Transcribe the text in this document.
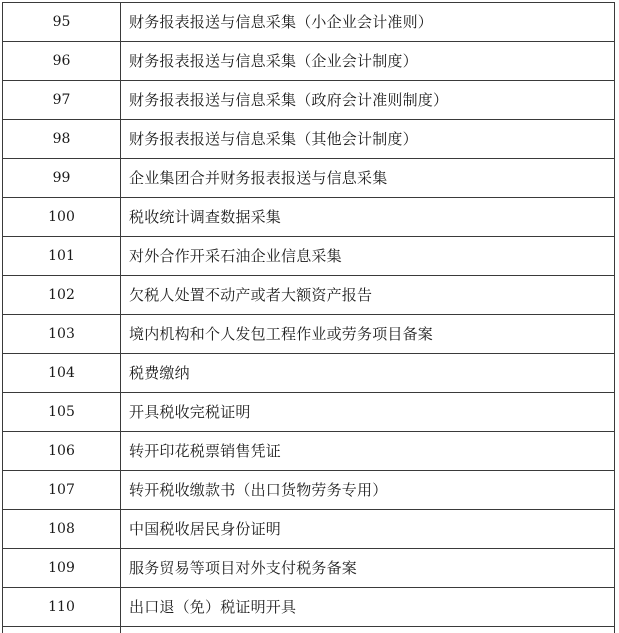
95	财务报表报送与信息采集（小企业会计准则）
96	财务报表报送与信息采集（企业会计制度）
97	财务报表报送与信息采集（政府会计准则制度）
98	财务报表报送与信息采集（其他会计制度）
99	企业集团合并财务报表报送与信息采集
100	税收统计调查数据采集
101	对外合作开采石油企业信息采集
102	欠税人处置不动产或者大额资产报告
103	境内机构和个人发包工程作业或劳务项目备案
104	税费缴纳
105	开具税收完税证明
106	转开印花税票销售凭证
107	转开税收缴款书（出口货物劳务专用）
108	中国税收居民身份证明
109	服务贸易等项目对外支付税务备案
110	出口退（免）税证明开具
